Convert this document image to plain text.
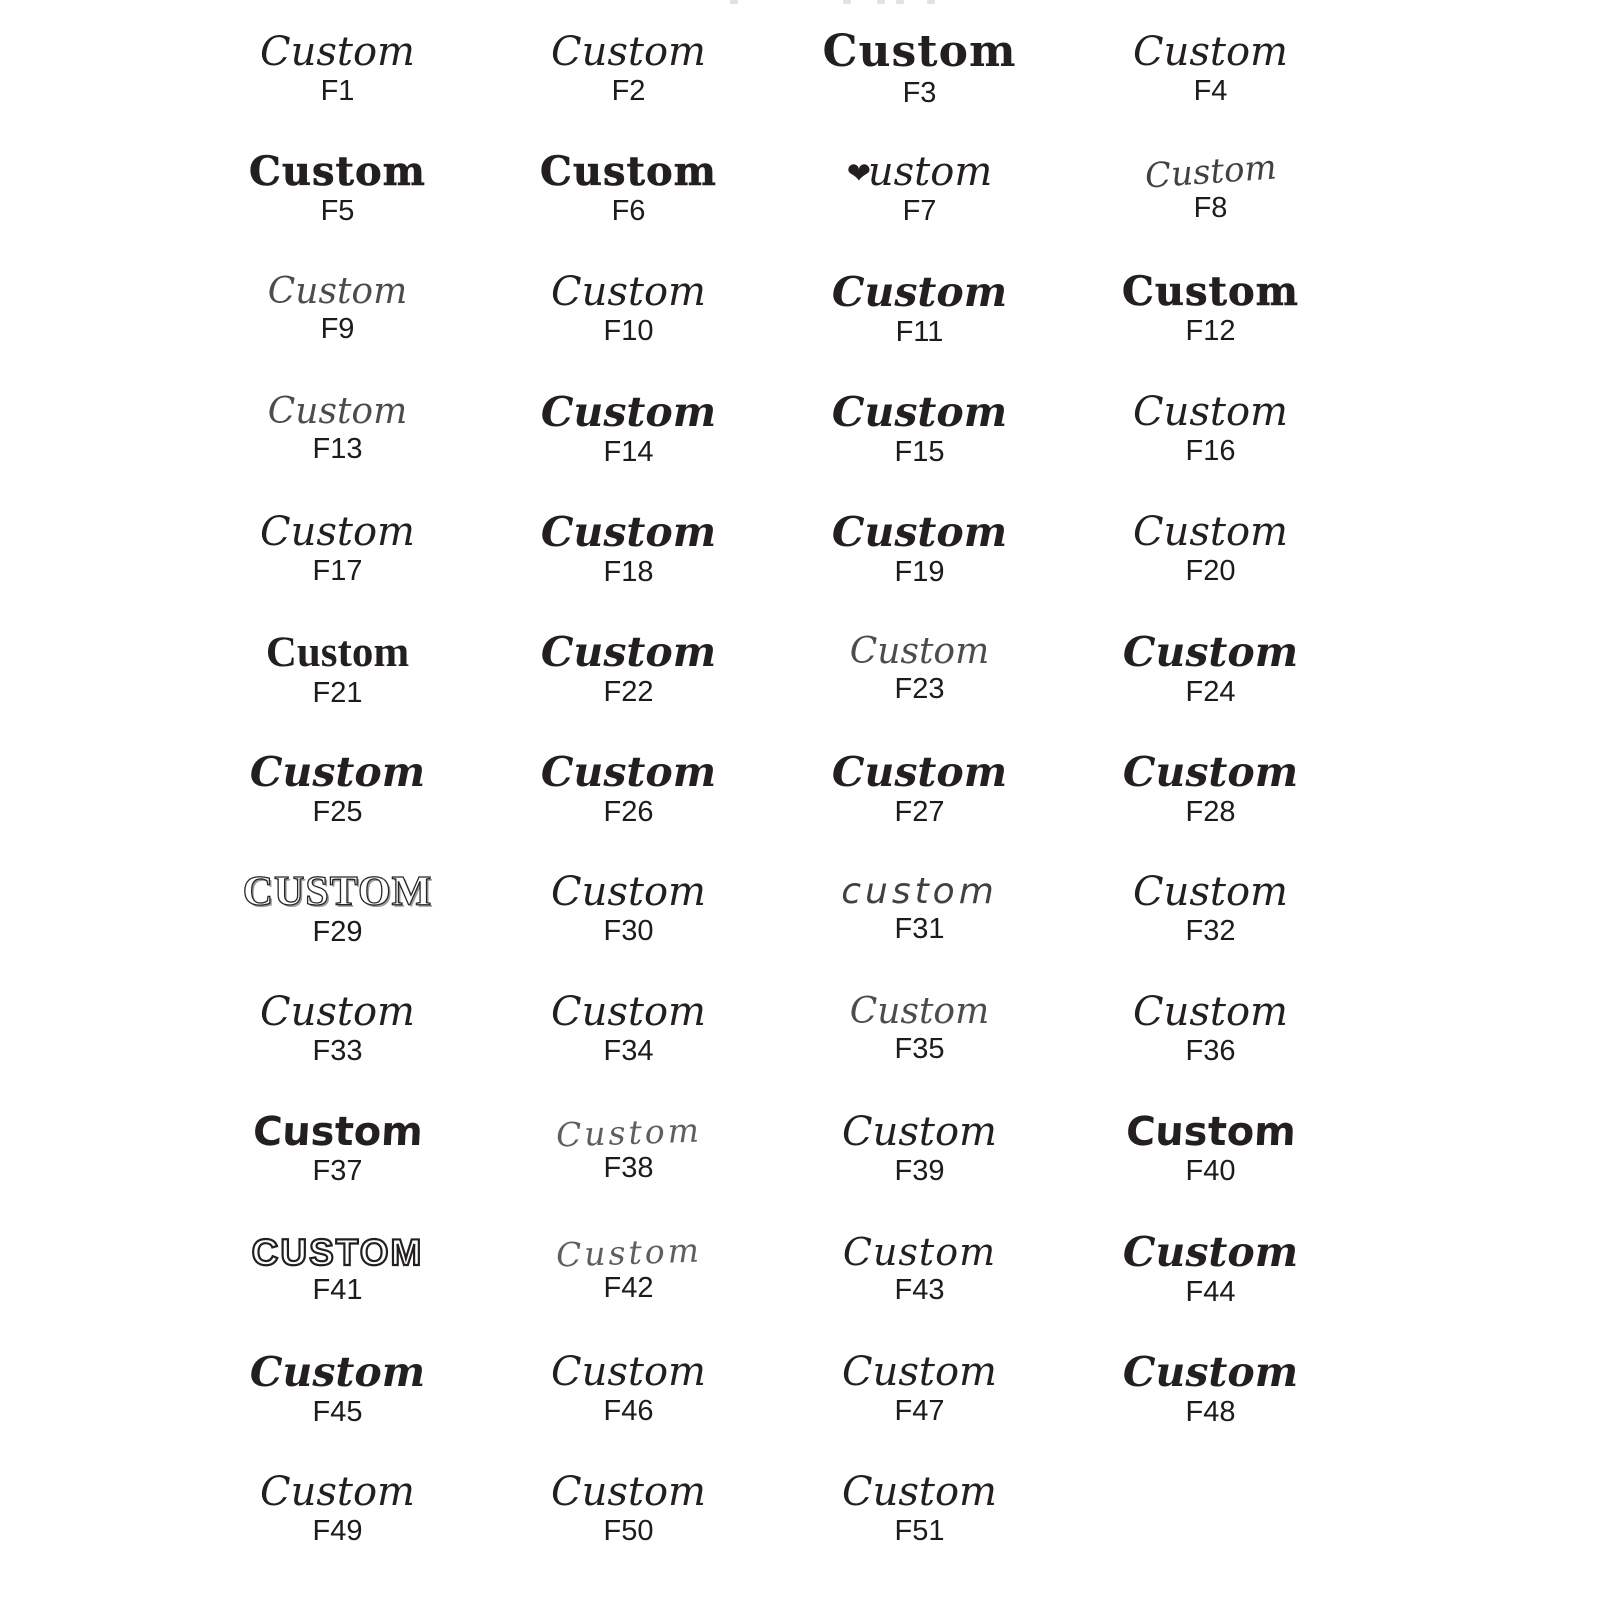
Custom
F1
Custom
F2
Custom
F3
Custom
F4
Custom
F5
Custom
F6
❤ustom
F7
Custom
F8
Custom
F9
Custom
F10
Custom
F11
Custom
F12
Custom
F13
Custom
F14
Custom
F15
Custom
F16
Custom
F17
Custom
F18
Custom
F19
Custom
F20
Custom
F21
Custom
F22
Custom
F23
Custom
F24
Custom
F25
Custom
F26
Custom
F27
Custom
F28
CUSTOM
F29
Custom
F30
custom
F31
Custom
F32
Custom
F33
Custom
F34
Custom
F35
Custom
F36
Custom
F37
Custom
F38
Custom
F39
Custom
F40
CUSTOM
F41
Custom
F42
Custom
F43
Custom
F44
Custom
F45
Custom
F46
Custom
F47
Custom
F48
Custom
F49
Custom
F50
Custom
F51
